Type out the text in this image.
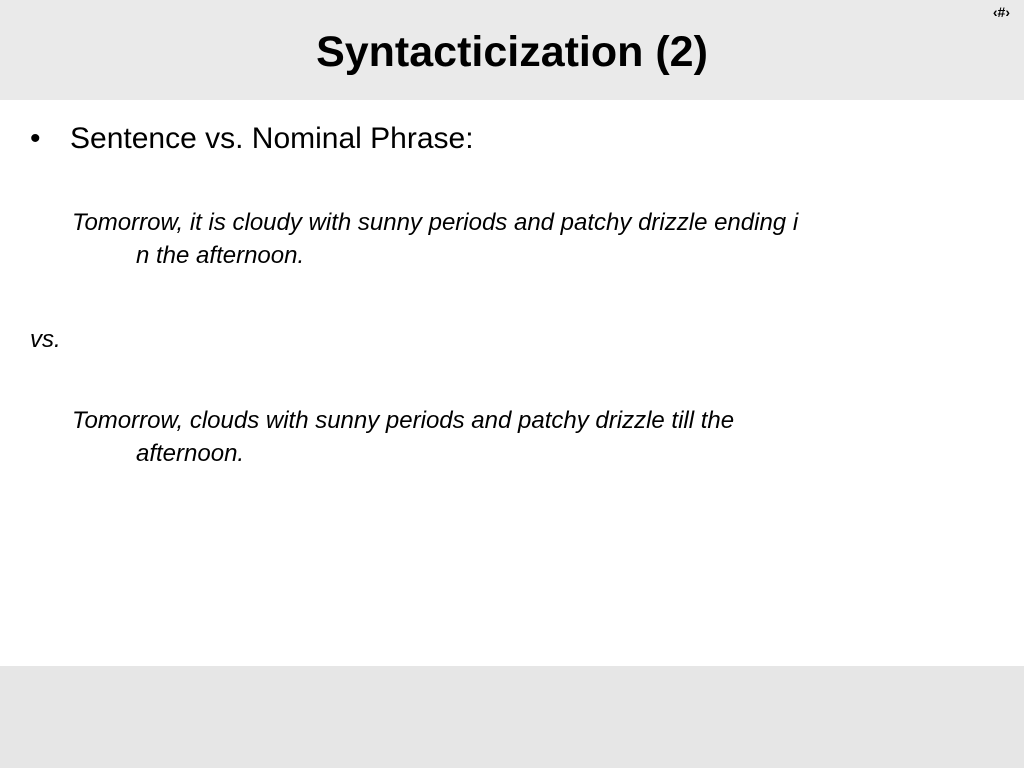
‹#›
Syntacticization (2)
• Sentence vs. Nominal Phrase:
Tomorrow, it is cloudy with sunny periods and patchy drizzle ending i
n the afternoon.
vs.
Tomorrow, clouds with sunny periods and patchy drizzle till the
afternoon.
